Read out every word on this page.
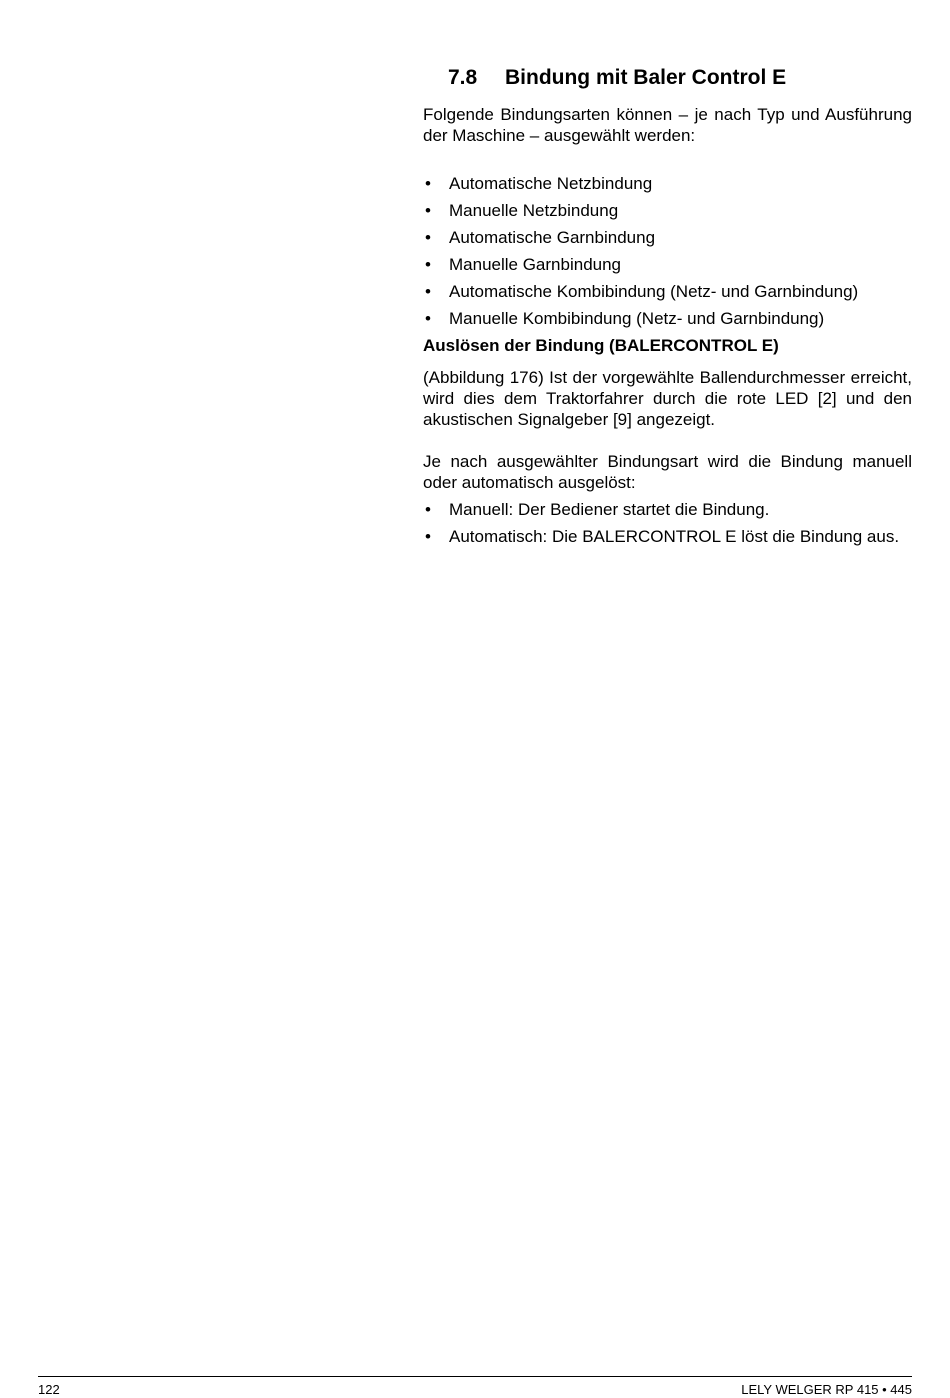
7.8 Bindung mit Baler Control E

Folgende Bindungsarten können – je nach Typ und Ausführung der Maschine – ausgewählt werden:

• Automatische Netzbindung
• Manuelle Netzbindung
• Automatische Garnbindung
• Manuelle Garnbindung
• Automatische Kombibindung (Netz- und Garnbindung)
• Manuelle Kombibindung (Netz- und Garnbindung)
Auslösen der Bindung (BALERCONTROL E)

(Abbildung 176) Ist der vorgewählte Ballendurchmesser erreicht, wird dies dem Traktorfahrer durch die rote LED [2] und den akustischen Signalgeber [9] angezeigt.

Je nach ausgewählter Bindungsart wird die Bindung manuell oder automatisch ausgelöst:

• Manuell: Der Bediener startet die Bindung.
• Automatisch: Die BALERCONTROL E löst die Bindung aus.
122	LELY WELGER RP 415 • 445
